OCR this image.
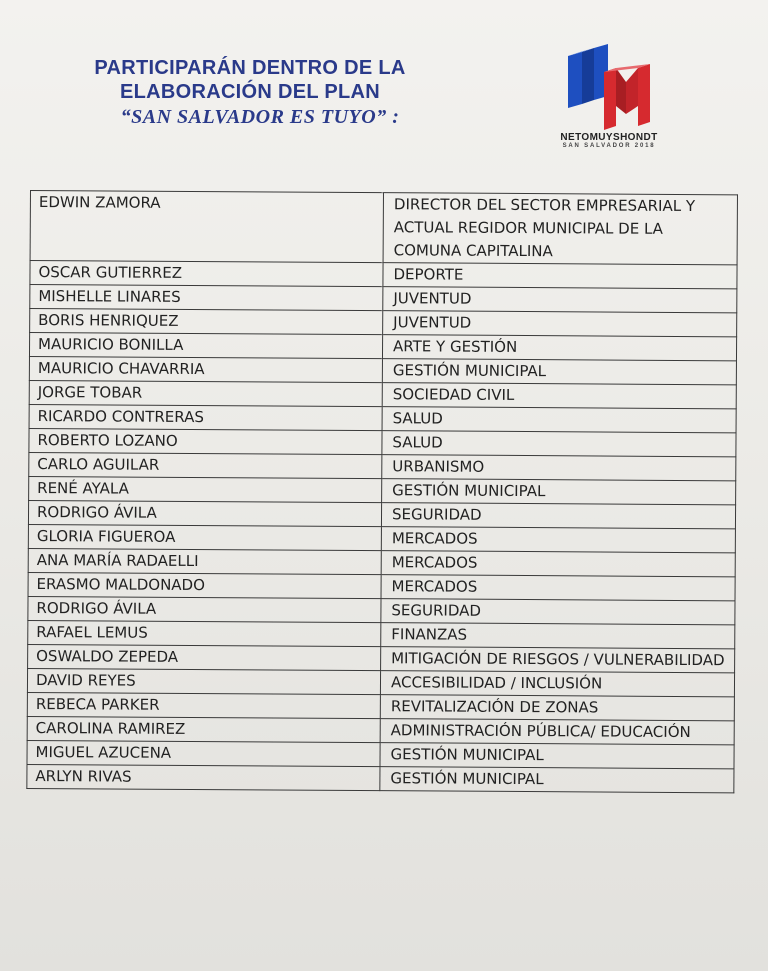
PARTICIPARÁN DENTRO DE LA
ELABORACIÓN DEL PLAN
“SAN SALVADOR ES TUYO” :
NETOMUYSHONDT
SAN SALVADOR 2018
EDWIN ZAMORA	DIRECTOR DEL SECTOR EMPRESARIAL Y ACTUAL REGIDOR MUNICIPAL DE LA COMUNA CAPITALINA
OSCAR GUTIERREZ	DEPORTE
MISHELLE LINARES	JUVENTUD
BORIS HENRIQUEZ	JUVENTUD
MAURICIO BONILLA	ARTE Y GESTIÓN
MAURICIO CHAVARRIA	GESTIÓN MUNICIPAL
JORGE TOBAR	SOCIEDAD CIVIL
RICARDO CONTRERAS	SALUD
ROBERTO LOZANO	SALUD
CARLO AGUILAR	URBANISMO
RENÉ AYALA	GESTIÓN MUNICIPAL
RODRIGO ÁVILA	SEGURIDAD
GLORIA FIGUEROA	MERCADOS
ANA MARÍA RADAELLI	MERCADOS
ERASMO MALDONADO	MERCADOS
RODRIGO ÁVILA	SEGURIDAD
RAFAEL LEMUS	FINANZAS
OSWALDO ZEPEDA	MITIGACIÓN DE RIESGOS / VULNERABILIDAD
DAVID REYES	ACCESIBILIDAD / INCLUSIÓN
REBECA PARKER	REVITALIZACIÓN DE ZONAS
CAROLINA RAMIREZ	ADMINISTRACIÓN PÚBLICA/ EDUCACIÓN
MIGUEL AZUCENA	GESTIÓN MUNICIPAL
ARLYN RIVAS	GESTIÓN MUNICIPAL
